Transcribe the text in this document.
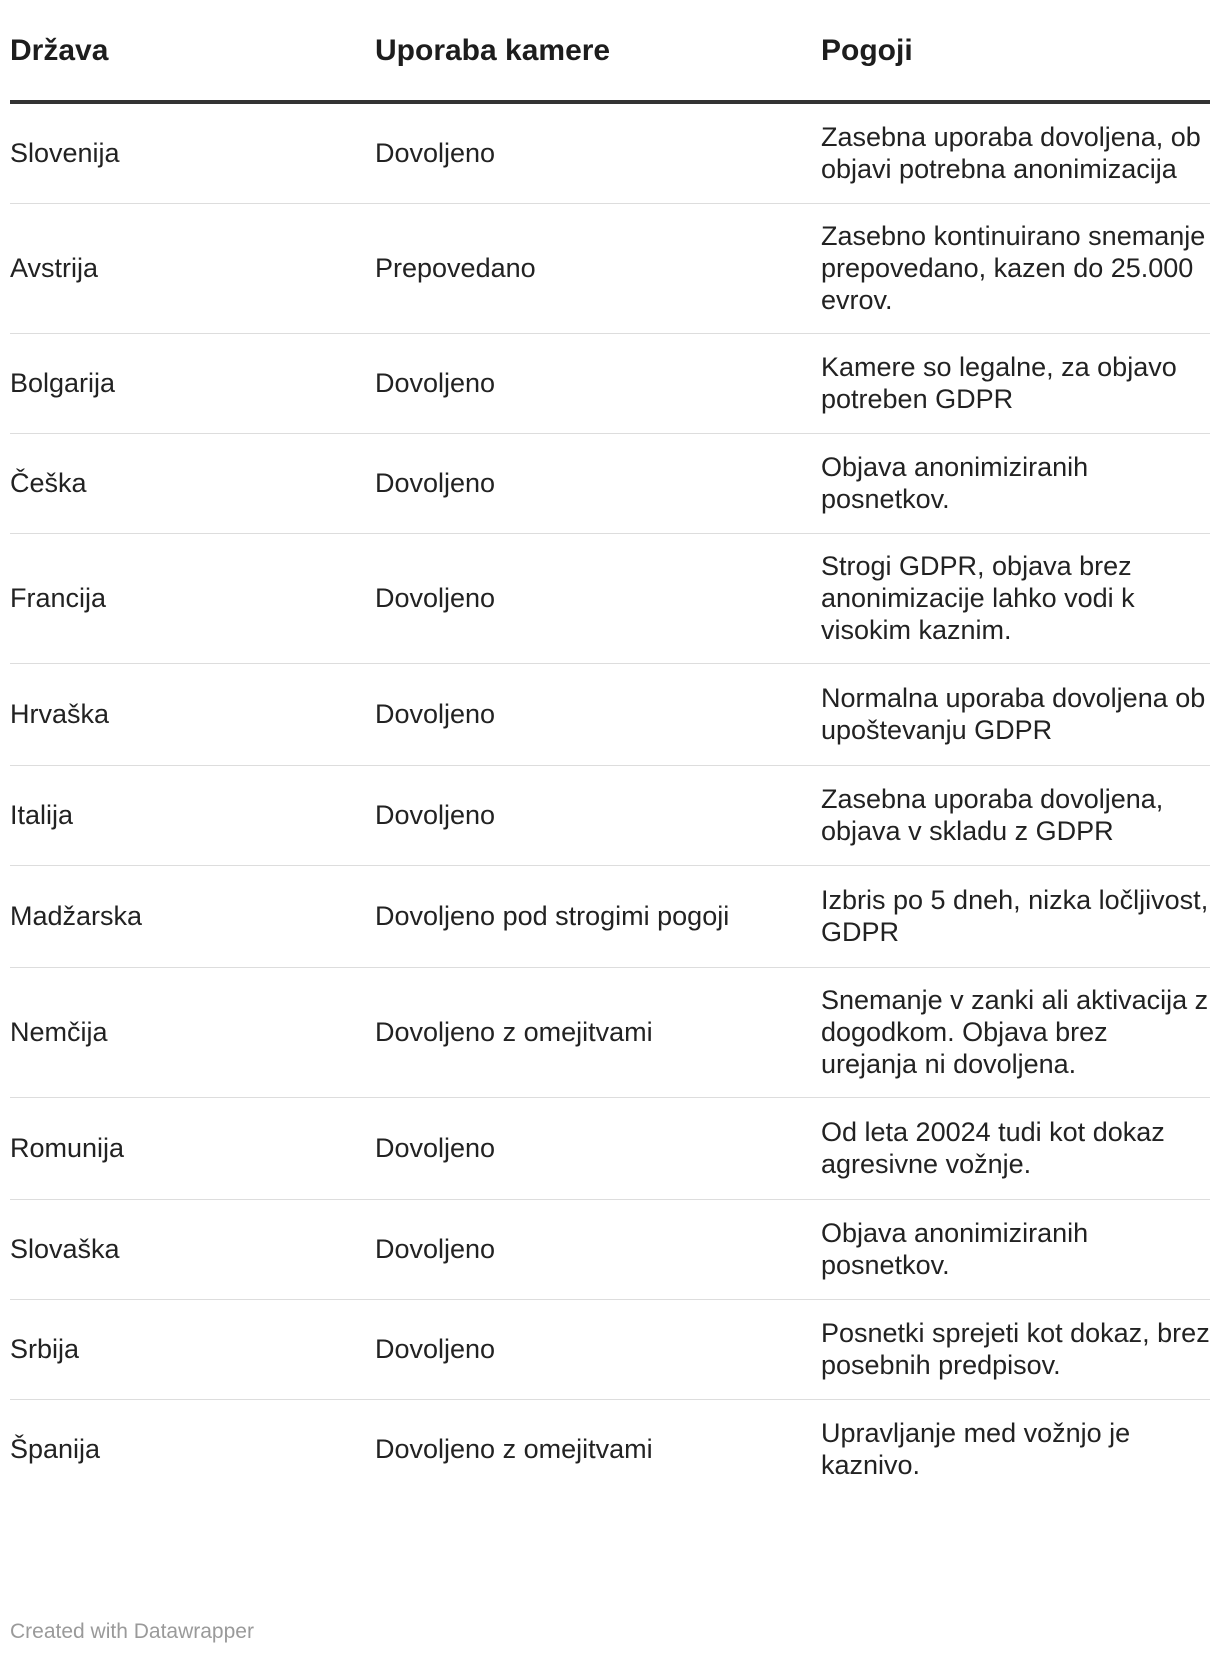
Država	Uporaba kamere	Pogoji
Slovenija	Dovoljeno	Zasebna uporaba dovoljena, ob objavi potrebna anonimizacija
Avstrija	Prepovedano	Zasebno kontinuirano snemanje prepovedano, kazen do 25.000 evrov.
Bolgarija	Dovoljeno	Kamere so legalne, za objavo potreben GDPR
Češka	Dovoljeno	Objava anonimiziranih posnetkov.
Francija	Dovoljeno	Strogi GDPR, objava brez anonimizacije lahko vodi k visokim kaznim.
Hrvaška	Dovoljeno	Normalna uporaba dovoljena ob upoštevanju GDPR
Italija	Dovoljeno	Zasebna uporaba dovoljena, objava v skladu z GDPR
Madžarska	Dovoljeno pod strogimi pogoji	Izbris po 5 dneh, nizka ločljivost, GDPR
Nemčija	Dovoljeno z omejitvami	Snemanje v zanki ali aktivacija z dogodkom. Objava brez urejanja ni dovoljena.
Romunija	Dovoljeno	Od leta 20024 tudi kot dokaz agresivne vožnje.
Slovaška	Dovoljeno	Objava anonimiziranih posnetkov.
Srbija	Dovoljeno	Posnetki sprejeti kot dokaz, brez posebnih predpisov.
Španija	Dovoljeno z omejitvami	Upravljanje med vožnjo je kaznivo.
Created with Datawrapper
